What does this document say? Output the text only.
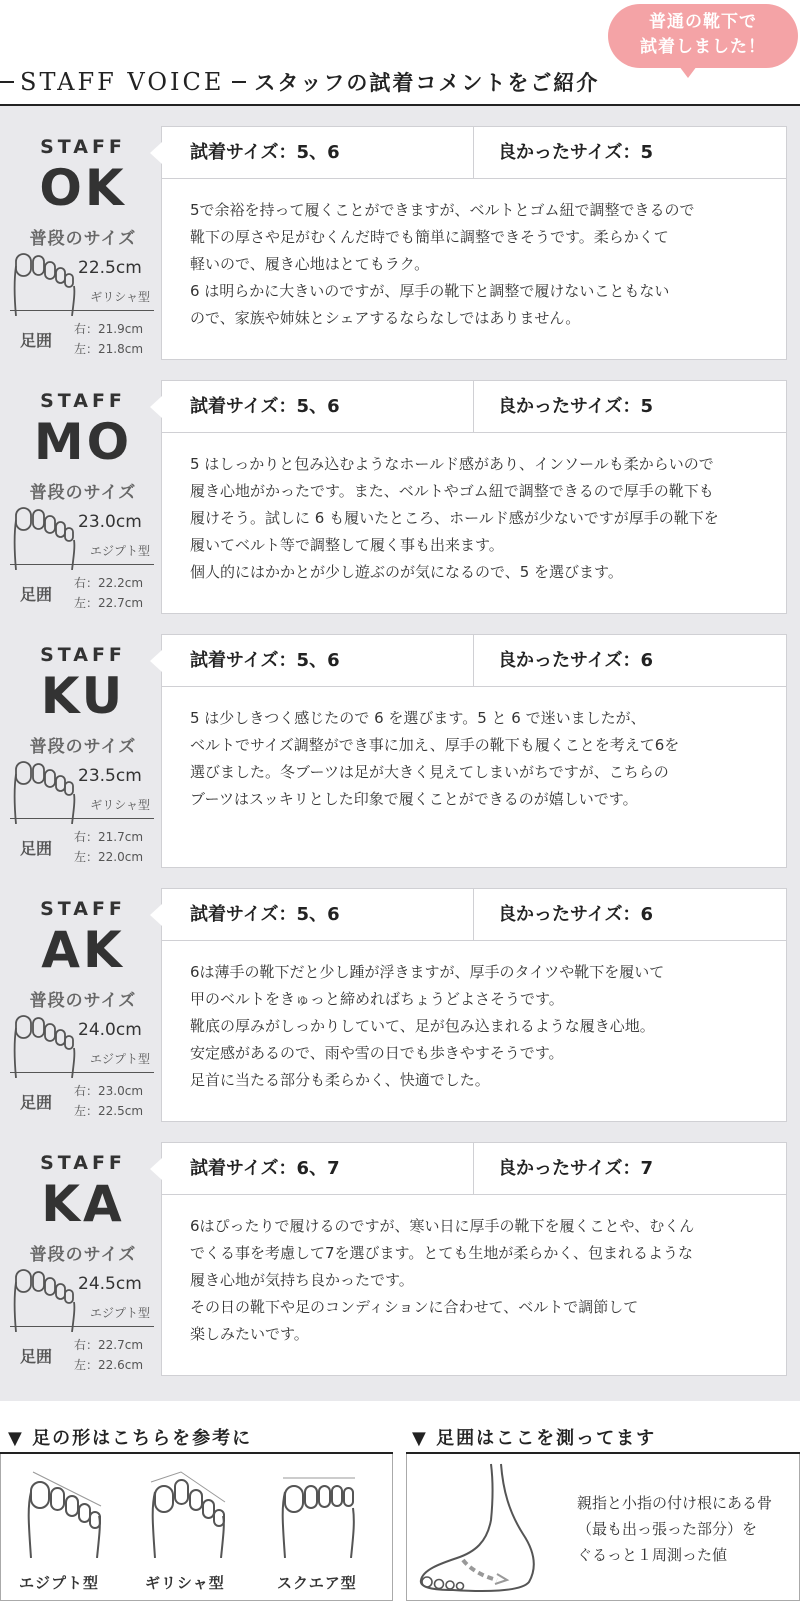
普通の靴下で
試着しました！
STAFF VOICE スタッフの試着コメントをご紹介
STAFF
OK
普段のサイズ
22.5cm
ギリシャ型
足囲
右：21.9cm
左：21.8cm
試着サイズ：5、6	良かったサイズ：5
5で余裕を持って履くことができますが、ベルトとゴム紐で調整できるので
靴下の厚さや足がむくんだ時でも簡単に調整できそうです。柔らかくて
軽いので、履き心地はとてもラク。
6 は明らかに大きいのですが、厚手の靴下と調整で履けないこともない
ので、家族や姉妹とシェアするならなしではありません。
STAFF
MO
普段のサイズ
23.0cm
エジプト型
足囲
右：22.2cm
左：22.7cm
試着サイズ：5、6	良かったサイズ：5
5 はしっかりと包み込むようなホールド感があり、インソールも柔からいので
履き心地がかったです。また、ベルトやゴム紐で調整できるので厚手の靴下も
履けそう。試しに 6 も履いたところ、ホールド感が少ないですが厚手の靴下を
履いてベルト等で調整して履く事も出来ます。
個人的にはかかとが少し遊ぶのが気になるので、5 を選びます。
STAFF
KU
普段のサイズ
23.5cm
ギリシャ型
足囲
右：21.7cm
左：22.0cm
試着サイズ：5、6	良かったサイズ：6
5 は少しきつく感じたので 6 を選びます。5 と 6 で迷いましたが、
ベルトでサイズ調整ができ事に加え、厚手の靴下も履くことを考えて6を
選びました。冬ブーツは足が大きく見えてしまいがちですが、こちらの
ブーツはスッキリとした印象で履くことができるのが嬉しいです。
STAFF
AK
普段のサイズ
24.0cm
エジプト型
足囲
右：23.0cm
左：22.5cm
試着サイズ：5、6	良かったサイズ：6
6は薄手の靴下だと少し踵が浮きますが、厚手のタイツや靴下を履いて
甲のベルトをきゅっと締めればちょうどよさそうです。
靴底の厚みがしっかりしていて、足が包み込まれるような履き心地。
安定感があるので、雨や雪の日でも歩きやすそうです。
足首に当たる部分も柔らかく、快適でした。
STAFF
KA
普段のサイズ
24.5cm
エジプト型
足囲
右：22.7cm
左：22.6cm
試着サイズ：6、7	良かったサイズ：7
6はぴったりで履けるのですが、寒い日に厚手の靴下を履くことや、むくん
でくる事を考慮して7を選びます。とても生地が柔らかく、包まれるような
履き心地が気持ち良かったです。
その日の靴下や足のコンディションに合わせて、ベルトで調節して
楽しみたいです。
▼ 足の形はこちらを参考に
エジプト型	ギリシャ型	スクエア型
▼ 足囲はここを測ってます
親指と小指の付け根にある骨
（最も出っ張った部分）を
ぐるっと１周測った値
